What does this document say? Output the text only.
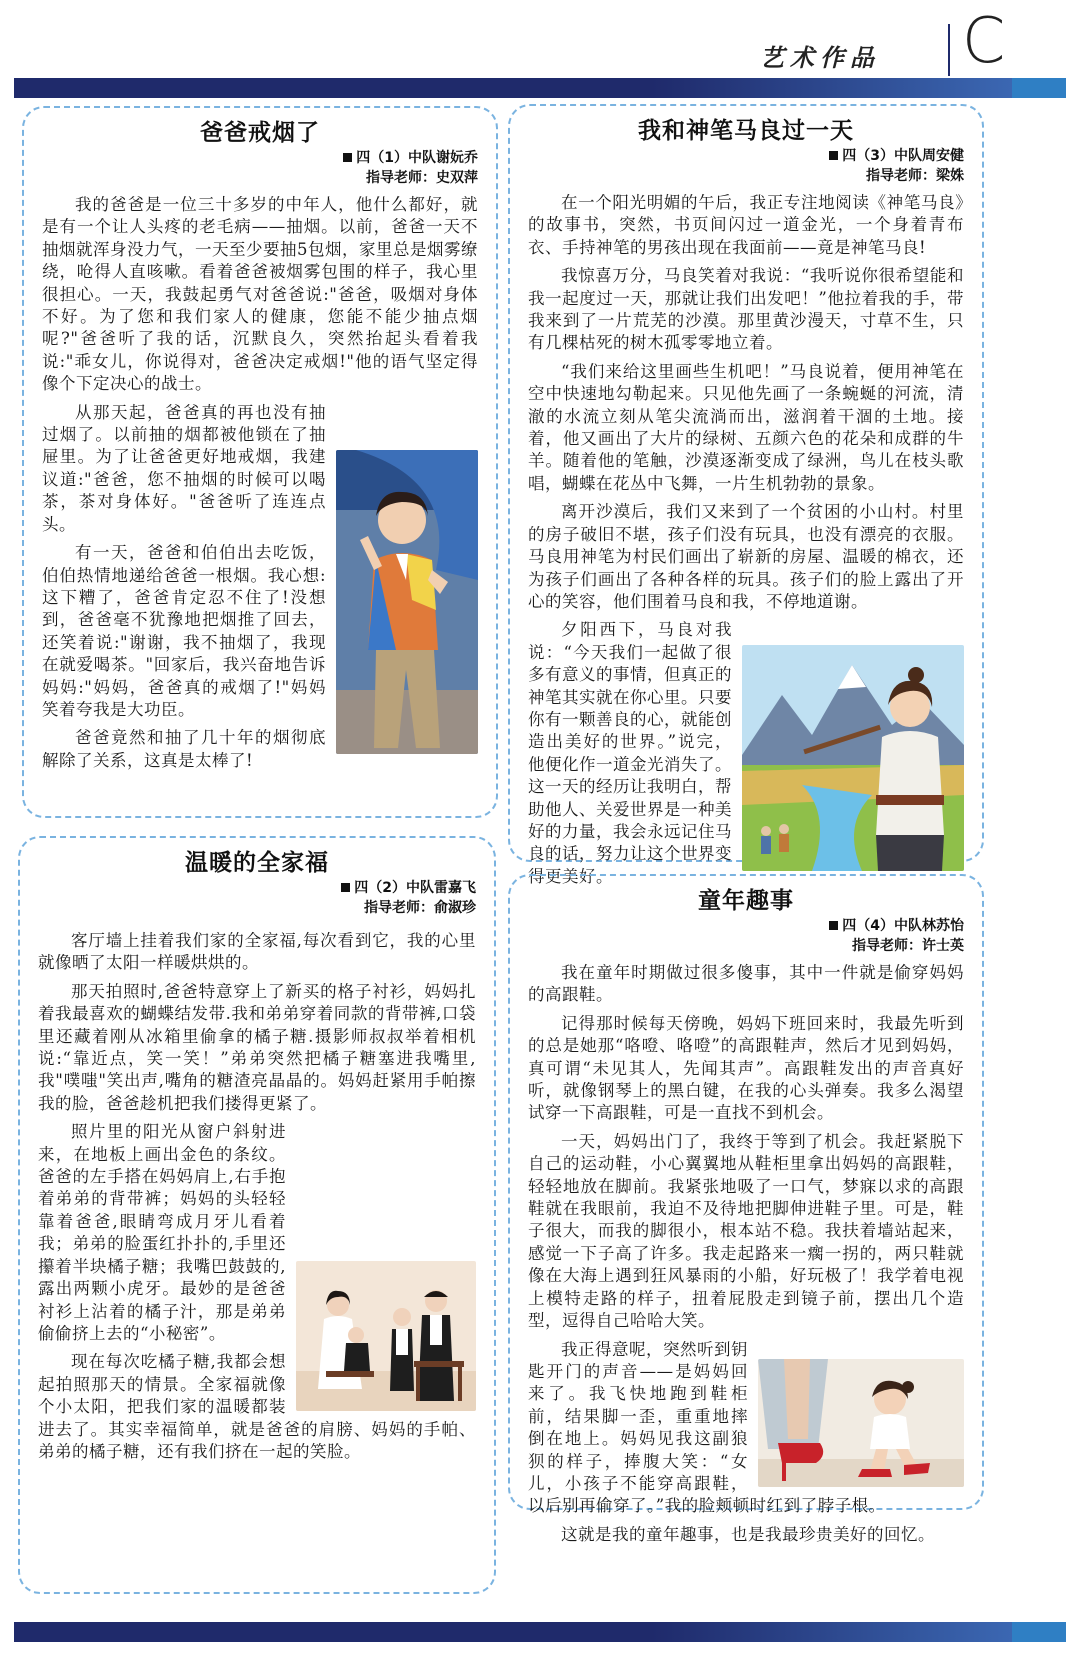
艺术作品	C
爸爸戒烟了

四（1）中队谢妧乔

指导老师：史双萍

我的爸爸是一位三十多岁的中年人，他什么都好，就是有一个让人头疼的老毛病——抽烟。以前，爸爸一天不抽烟就浑身没力气，一天至少要抽5包烟，家里总是烟雾缭绕，呛得人直咳嗽。看着爸爸被烟雾包围的样子，我心里很担心。一天，我鼓起勇气对爸爸说:"爸爸，吸烟对身体不好。为了您和我们家人的健康，您能不能少抽点烟呢?"爸爸听了我的话，沉默良久，突然抬起头看着我说:"乖女儿，你说得对，爸爸决定戒烟!"他的语气坚定得像个下定决心的战士。

从那天起，爸爸真的再也没有抽过烟了。以前抽的烟都被他锁在了抽屉里。为了让爸爸更好地戒烟，我建议道:"爸爸，您不抽烟的时候可以喝茶，茶对身体好。"爸爸听了连连点头。

有一天，爸爸和伯伯出去吃饭，伯伯热情地递给爸爸一根烟。我心想:这下糟了，爸爸肯定忍不住了!没想到，爸爸毫不犹豫地把烟推了回去，还笑着说:"谢谢，我不抽烟了，我现在就爱喝茶。"回家后，我兴奋地告诉妈妈:"妈妈，爸爸真的戒烟了!"妈妈笑着夸我是大功臣。

爸爸竟然和抽了几十年的烟彻底解除了关系，这真是太棒了!

温暖的全家福

四（2）中队雷嘉飞

指导老师：俞淑珍

客厅墙上挂着我们家的全家福,每次看到它，我的心里就像晒了太阳一样暖烘烘的。

那天拍照时,爸爸特意穿上了新买的格子衬衫，妈妈扎着我最喜欢的蝴蝶结发带.我和弟弟穿着同款的背带裤,口袋里还藏着刚从冰箱里偷拿的橘子糖.摄影师叔叔举着相机说:“靠近点，笑一笑！”弟弟突然把橘子糖塞进我嘴里,我"噗嗤"笑出声,嘴角的糖渣亮晶晶的。妈妈赶紧用手帕擦我的脸，爸爸趁机把我们搂得更紧了。

照片里的阳光从窗户斜射进来，在地板上画出金色的条纹。爸爸的左手搭在妈妈肩上,右手抱着弟弟的背带裤；妈妈的头轻轻靠着爸爸,眼睛弯成月牙儿看着我；弟弟的脸蛋红扑扑的,手里还攥着半块橘子糖；我嘴巴鼓鼓的,露出两颗小虎牙。最妙的是爸爸衬衫上沾着的橘子汁，那是弟弟偷偷挤上去的“小秘密”。

现在每次吃橘子糖,我都会想起拍照那天的情景。全家福就像个小太阳，把我们家的温暖都装进去了。其实幸福简单，就是爸爸的肩膀、妈妈的手帕、弟弟的橘子糖，还有我们挤在一起的笑脸。

我和神笔马良过一天

四（3）中队周安健

指导老师：梁姝

在一个阳光明媚的午后，我正专注地阅读《神笔马良》的故事书，突然，书页间闪过一道金光，一个身着青布衣、手持神笔的男孩出现在我面前——竟是神笔马良!

我惊喜万分，马良笑着对我说：“我听说你很希望能和我一起度过一天，那就让我们出发吧！”他拉着我的手，带我来到了一片荒芜的沙漠。那里黄沙漫天，寸草不生，只有几棵枯死的树木孤零零地立着。

“我们来给这里画些生机吧！”马良说着，便用神笔在空中快速地勾勒起来。只见他先画了一条蜿蜒的河流，清澈的水流立刻从笔尖流淌而出，滋润着干涸的土地。接着，他又画出了大片的绿树、五颜六色的花朵和成群的牛羊。随着他的笔触，沙漠逐渐变成了绿洲，鸟儿在枝头歌唱，蝴蝶在花丛中飞舞，一片生机勃勃的景象。

离开沙漠后，我们又来到了一个贫困的小山村。村里的房子破旧不堪，孩子们没有玩具，也没有漂亮的衣服。马良用神笔为村民们画出了崭新的房屋、温暖的棉衣，还为孩子们画出了各种各样的玩具。孩子们的脸上露出了开心的笑容，他们围着马良和我，不停地道谢。

夕阳西下，马良对我说：“今天我们一起做了很多有意义的事情，但真正的神笔其实就在你心里。只要你有一颗善良的心，就能创造出美好的世界。”说完，他便化作一道金光消失了。这一天的经历让我明白，帮助他人、关爱世界是一种美好的力量，我会永远记住马良的话，努力让这个世界变得更美好。

童年趣事

四（4）中队林苏怡

指导老师：许士英

我在童年时期做过很多傻事，其中一件就是偷穿妈妈的高跟鞋。

记得那时候每天傍晚，妈妈下班回来时，我最先听到的总是她那“咯噔、咯噔”的高跟鞋声，然后才见到妈妈，真可谓“未见其人，先闻其声”。高跟鞋发出的声音真好听，就像钢琴上的黑白键，在我的心头弹奏。我多么渴望试穿一下高跟鞋，可是一直找不到机会。

一天，妈妈出门了，我终于等到了机会。我赶紧脱下自己的运动鞋，小心翼翼地从鞋柜里拿出妈妈的高跟鞋，轻轻地放在脚前。我紧张地吸了一口气，梦寐以求的高跟鞋就在我眼前，我迫不及待地把脚伸进鞋子里。可是，鞋子很大，而我的脚很小，根本站不稳。我扶着墙站起来，感觉一下子高了许多。我走起路来一瘸一拐的，两只鞋就像在大海上遇到狂风暴雨的小船，好玩极了！我学着电视上模特走路的样子，扭着屁股走到镜子前，摆出几个造型，逗得自己哈哈大笑。

我正得意呢，突然听到钥匙开门的声音——是妈妈回来了。我飞快地跑到鞋柜前，结果脚一歪，重重地摔倒在地上。妈妈见我这副狼狈的样子，捧腹大笑：“女儿，小孩子不能穿高跟鞋，以后别再偷穿了。”我的脸颊顿时红到了脖子根。

这就是我的童年趣事，也是我最珍贵美好的回忆。
